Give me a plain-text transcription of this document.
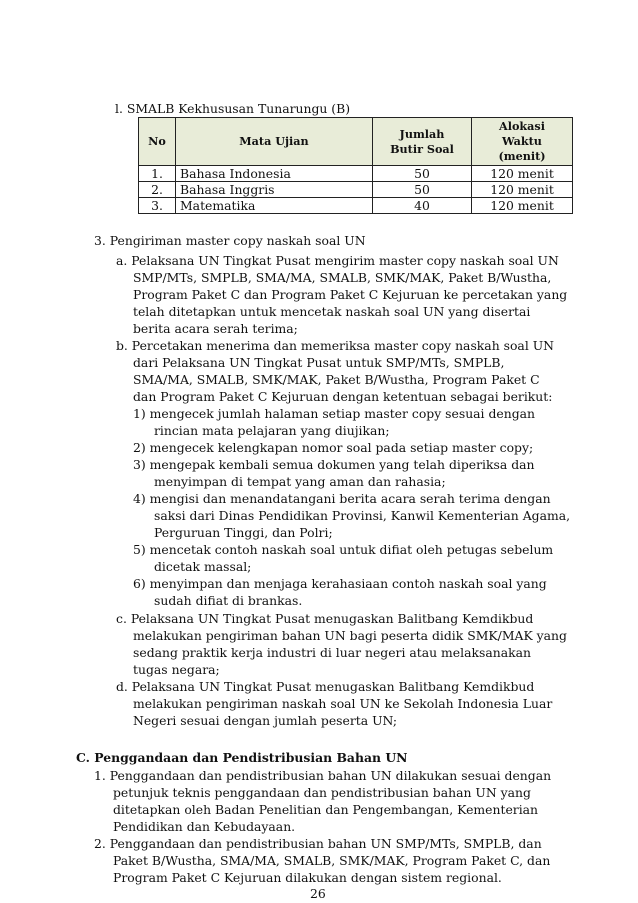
l. SMALB Kekhususan Tunarungu (B)
No	Mata Ujian	Jumlah Butir Soal	Alokasi Waktu (menit)
1.	Bahasa Indonesia	50	120 menit
2.	Bahasa Inggris	50	120 menit
3.	Matematika	40	120 menit
3. Pengiriman master copy naskah soal UN
a. Pelaksana UN Tingkat Pusat mengirim master copy naskah soal UN
SMP/MTs, SMPLB, SMA/MA, SMALB, SMK/MAK, Paket B/Wustha,
Program Paket C dan Program Paket C Kejuruan ke percetakan yang
telah ditetapkan untuk mencetak naskah soal UN yang disertai
berita acara serah terima;
b. Percetakan menerima dan memeriksa master copy naskah soal UN
dari Pelaksana UN Tingkat Pusat untuk SMP/MTs, SMPLB,
SMA/MA, SMALB, SMK/MAK, Paket B/Wustha, Program Paket C
dan Program Paket C Kejuruan dengan ketentuan sebagai berikut:
1) mengecek jumlah halaman setiap master copy sesuai dengan
rincian mata pelajaran yang diujikan;
2) mengecek kelengkapan nomor soal pada setiap master copy;
3) mengepak kembali semua dokumen yang telah diperiksa dan
menyimpan di tempat yang aman dan rahasia;
4) mengisi dan menandatangani berita acara serah terima dengan
saksi dari Dinas Pendidikan Provinsi, Kanwil Kementerian Agama,
Perguruan Tinggi, dan Polri;
5) mencetak contoh naskah soal untuk difiat oleh petugas sebelum
dicetak massal;
6) menyimpan dan menjaga kerahasiaan contoh naskah soal yang
sudah difiat di brankas.
c. Pelaksana UN Tingkat Pusat menugaskan Balitbang Kemdikbud
melakukan pengiriman bahan UN bagi peserta didik SMK/MAK yang
sedang praktik kerja industri di luar negeri atau melaksanakan
tugas negara;
d. Pelaksana UN Tingkat Pusat menugaskan Balitbang Kemdikbud
melakukan pengiriman naskah soal UN ke Sekolah Indonesia Luar
Negeri sesuai dengan jumlah peserta UN;
C. Penggandaan dan Pendistribusian Bahan UN
1. Penggandaan dan pendistribusian bahan UN dilakukan sesuai dengan
petunjuk teknis penggandaan dan pendistribusian bahan UN yang
ditetapkan oleh Badan Penelitian dan Pengembangan, Kementerian
Pendidikan dan Kebudayaan.
2. Penggandaan dan pendistribusian bahan UN SMP/MTs, SMPLB, dan
Paket B/Wustha, SMA/MA, SMALB, SMK/MAK, Program Paket C, dan
Program Paket C Kejuruan dilakukan dengan sistem regional.
26
